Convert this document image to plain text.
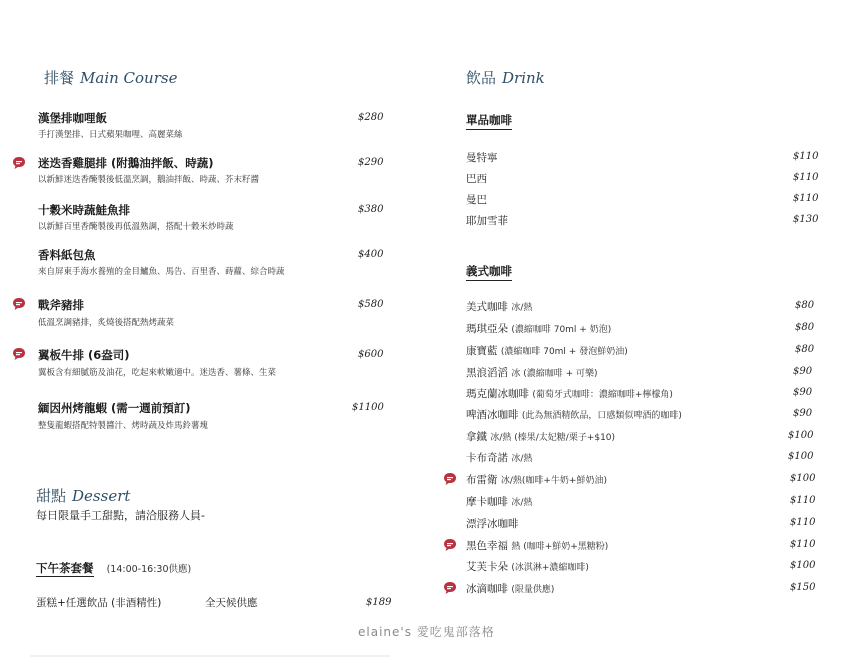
排餐 Main Course
漢堡排咖哩飯
手打漢堡排、日式蘋果咖哩、高麗菜絲
$280
迷迭香雞腿排 (附鵝油拌飯、時蔬)
以新鮮迷迭香醃製後低溫烹調，鵝油拌飯、時蔬、芥末籽醬
$290
十穀米時蔬鮭魚排
以新鮮百里香醃製後再低溫熟調，搭配十穀米炒時蔬
$380
香料紙包魚
來自屏東手海水養殖的金目鱸魚、馬告、百里香、蒔蘿、綜合時蔬
$400
戰斧豬排
低溫烹調豬排，炙燒後搭配熱烤蔬菜
$580
翼板牛排 (6盎司)
翼板含有細膩筋及油花，吃起來軟嫩適中。迷迭香、薯條、生菜
$600
緬因州烤龍蝦 (需一週前預訂)
整隻龍蝦搭配特製醬汁、烤時蔬及炸馬鈴薯塊
$1100
甜點 Dessert
每日限量手工甜點，請洽服務人員-
下午茶套餐 (14:00-16:30供應)
蛋糕+任選飲品 (非酒精性)	全天候供應	$189
飲品 Drink
單品咖啡
曼特寧	$110
巴西	$110
曼巴	$110
耶加雪菲	$130
義式咖啡
美式咖啡 冰/熱	$80
瑪琪亞朵 (濃縮咖啡 70ml + 奶泡)	$80
康寶藍 (濃縮咖啡 70ml + 發泡鮮奶油)	$80
黑浪滔滔 冰 (濃縮咖啡 + 可樂)	$90
瑪克蘭冰咖啡 (葡萄牙式咖啡：濃縮咖啡+檸檬角)	$90
啤酒冰咖啡 (此為無酒精飲品，口感類似啤酒的咖啡)	$90
拿鐵 冰/熱 (榛果/太妃糖/栗子+$10)	$100
卡布奇諾 冰/熱	$100
布雷衛 冰/熱(咖啡+牛奶+鮮奶油)	$100
摩卡咖啡 冰/熱	$110
漂浮冰咖啡	$110
黑色幸福 熱 (咖啡+鮮奶+黑糖粉)	$110
艾芙卡朵 (冰淇淋+濃縮咖啡)	$100
冰滴咖啡 (限量供應)	$150
elaine's 愛吃鬼部落格
